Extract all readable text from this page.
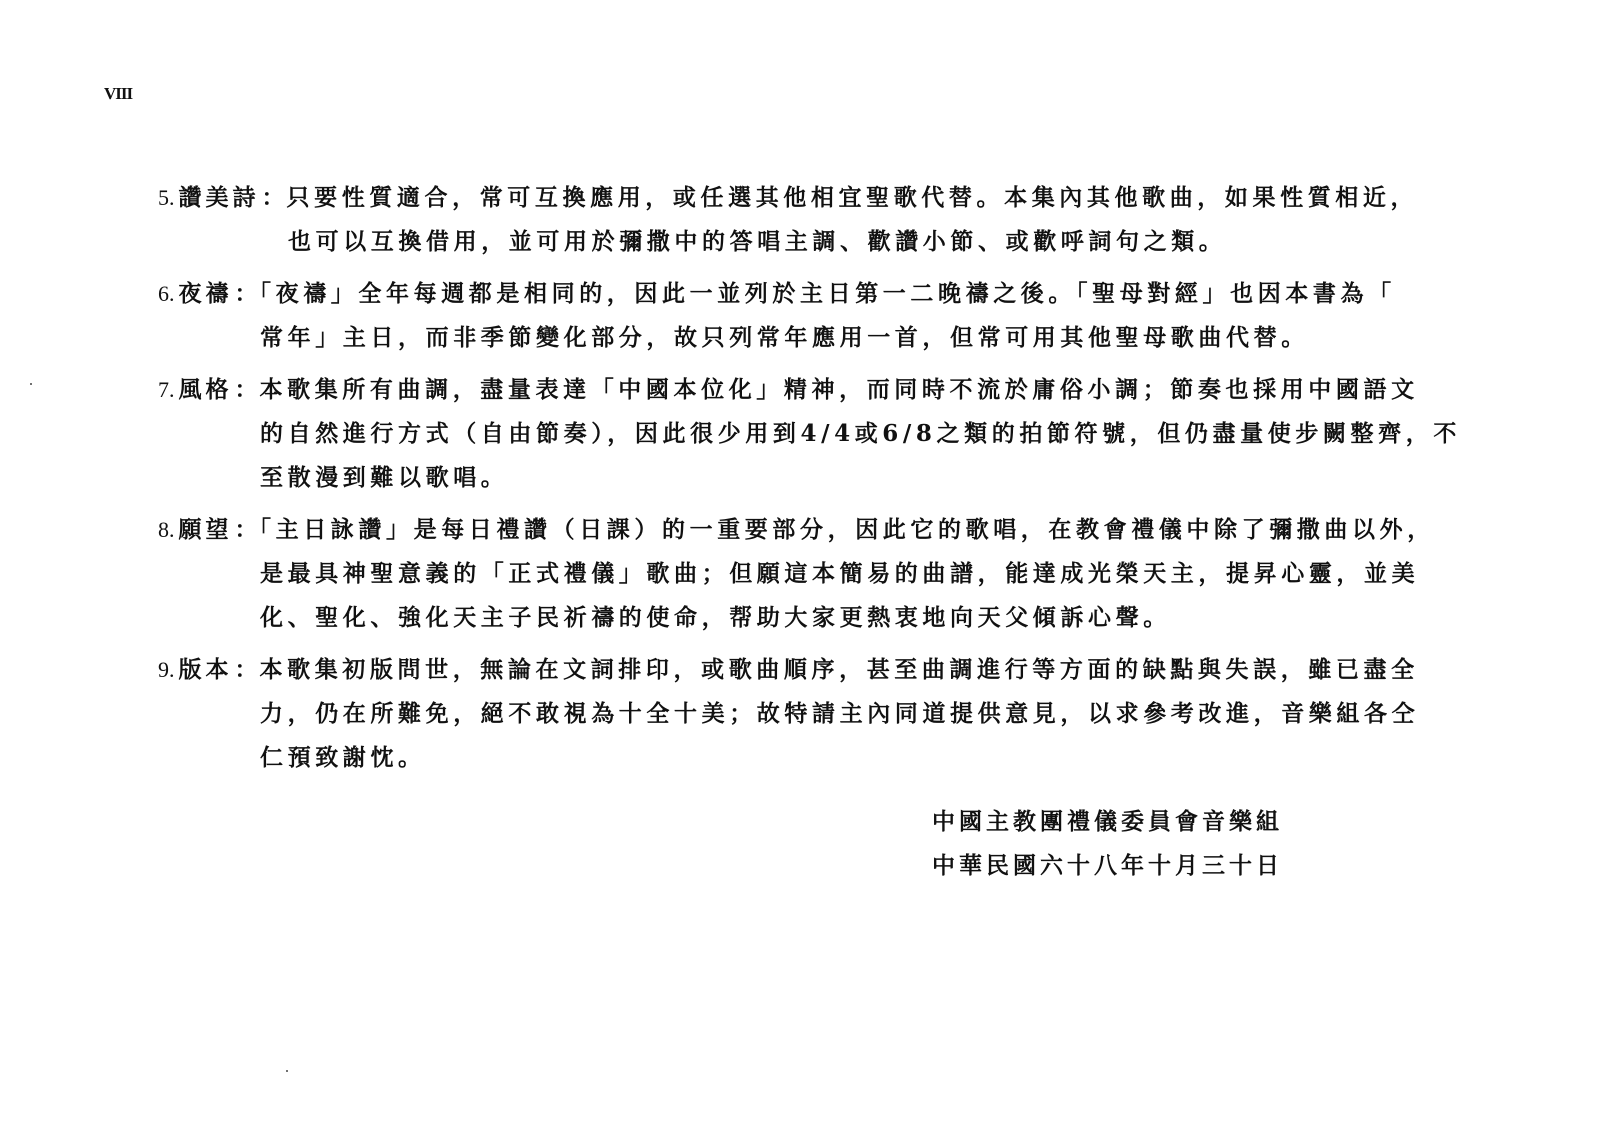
VIII
5. 讚美詩：只要性質適合，常可互換應用，或任選其他相宜聖歌代替。本集內其他歌曲，如果性質相近，
也可以互換借用，並可用於彌撒中的答唱主調、歡讚小節、或歡呼詞句之類。
6. 夜禱：「夜禱」全年每週都是相同的，因此一並列於主日第一二晚禱之後。「聖母對經」也因本書為「
常年」主日，而非季節變化部分，故只列常年應用一首，但常可用其他聖母歌曲代替。
7. 風格：本歌集所有曲調，盡量表達「中國本位化」精神，而同時不流於庸俗小調；節奏也採用中國語文
的自然進行方式（自由節奏），因此很少用到4/4或6/8之類的拍節符號，但仍盡量使步闕整齊，不
至散漫到難以歌唱。
8. 願望：「主日詠讚」是每日禮讚（日課）的一重要部分，因此它的歌唱，在教會禮儀中除了彌撒曲以外，
是最具神聖意義的「正式禮儀」歌曲；但願這本簡易的曲譜，能達成光榮天主，提昇心靈，並美
化、聖化、強化天主子民祈禱的使命，帮助大家更熱衷地向天父傾訴心聲。
9. 版本：本歌集初版問世，無論在文詞排印，或歌曲順序，甚至曲調進行等方面的缺點與失誤，雖已盡全
力，仍在所難免，絕不敢視為十全十美；故特請主內同道提供意見，以求參考改進，音樂組各仝
仁預致謝忱。
中國主教團禮儀委員會音樂組
中華民國六十八年十月三十日
